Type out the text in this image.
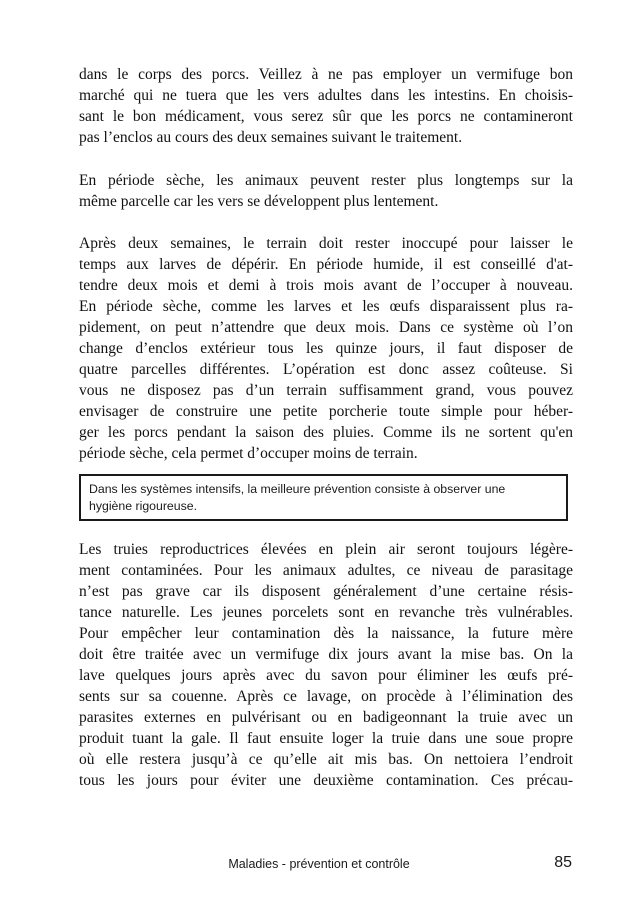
dans le corps des porcs. Veillez à ne pas employer un vermifuge bon
marché qui ne tuera que les vers adultes dans les intestins. En choisis-
sant le bon médicament, vous serez sûr que les porcs ne contamineront
pas l’enclos au cours des deux semaines suivant le traitement.
En période sèche, les animaux peuvent rester plus longtemps sur la
même parcelle car les vers se développent plus lentement.
Après deux semaines, le terrain doit rester inoccupé pour laisser le
temps aux larves de dépérir. En période humide, il est conseillé d'at-
tendre deux mois et demi à trois mois avant de l’occuper à nouveau.
En période sèche, comme les larves et les œufs disparaissent plus ra-
pidement, on peut n’attendre que deux mois. Dans ce système où l’on
change d’enclos extérieur tous les quinze jours, il faut disposer de
quatre parcelles différentes. L’opération est donc assez coûteuse. Si
vous ne disposez pas d’un terrain suffisamment grand, vous pouvez
envisager de construire une petite porcherie toute simple pour héber-
ger les porcs pendant la saison des pluies. Comme ils ne sortent qu'en
période sèche, cela permet d’occuper moins de terrain.
Dans les systèmes intensifs, la meilleure prévention consiste à observer une
hygiène rigoureuse.
Les truies reproductrices élevées en plein air seront toujours légère-
ment contaminées. Pour les animaux adultes, ce niveau de parasitage
n’est pas grave car ils disposent généralement d’une certaine résis-
tance naturelle. Les jeunes porcelets sont en revanche très vulnérables.
Pour empêcher leur contamination dès la naissance, la future mère
doit être traitée avec un vermifuge dix jours avant la mise bas. On la
lave quelques jours après avec du savon pour éliminer les œufs pré-
sents sur sa couenne. Après ce lavage, on procède à l’élimination des
parasites externes en pulvérisant ou en badigeonnant la truie avec un
produit tuant la gale. Il faut ensuite loger la truie dans une soue propre
où elle restera jusqu’à ce qu’elle ait mis bas. On nettoiera l’endroit
tous les jours pour éviter une deuxième contamination. Ces précau-
Maladies - prévention et contrôle	85
